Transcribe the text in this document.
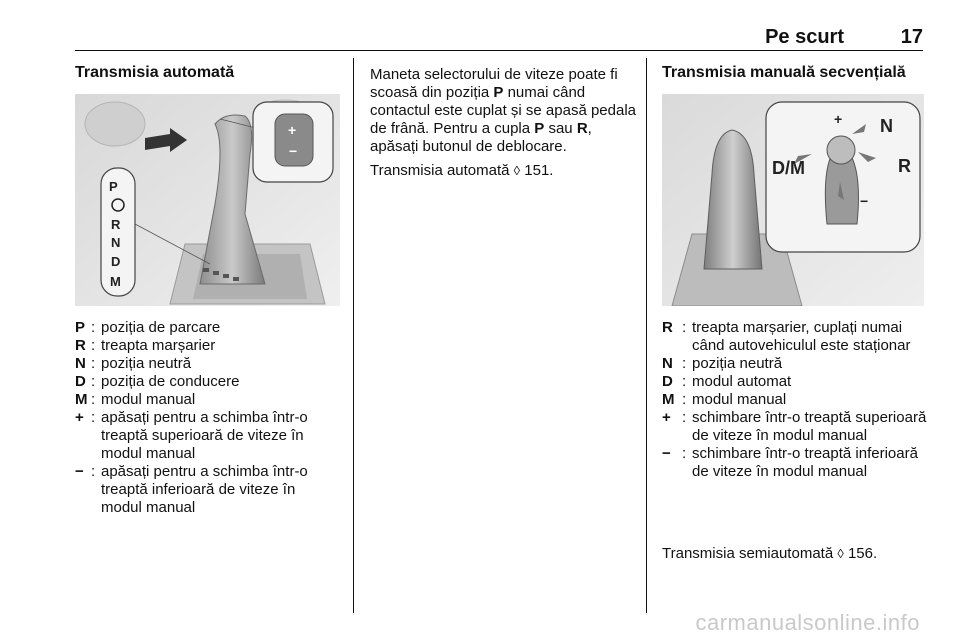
Pe scurt	17
Transmisia automată
P
R
N
D
M
+
−
P : poziția de parcare
R : treapta marșarier
N : poziția neutră
D : poziția de conducere
M : modul manual
+ : apăsați pentru a schimba într-o treaptă superioară de viteze în modul manual
− : apăsați pentru a schimba într-o treaptă inferioară de viteze în modul manual
Maneta selectorului de viteze poate fi scoasă din poziția P numai când contactul este cuplat și se apasă pedala de frână. Pentru a cupla P sau R, apăsați butonul de deblocare.
Transmisia automată ◊ 151.
Transmisia manuală secvențială
D/M
N
R
+
−
R : treapta marșarier, cuplați numai când autovehiculul este staționar
N : poziția neutră
D : modul automat
M : modul manual
+ : schimbare într-o treaptă superioară de viteze în modul manual
− : schimbare într-o treaptă inferioară de viteze în modul manual
Transmisia semiautomată ◊ 156.
carmanualsonline.info
